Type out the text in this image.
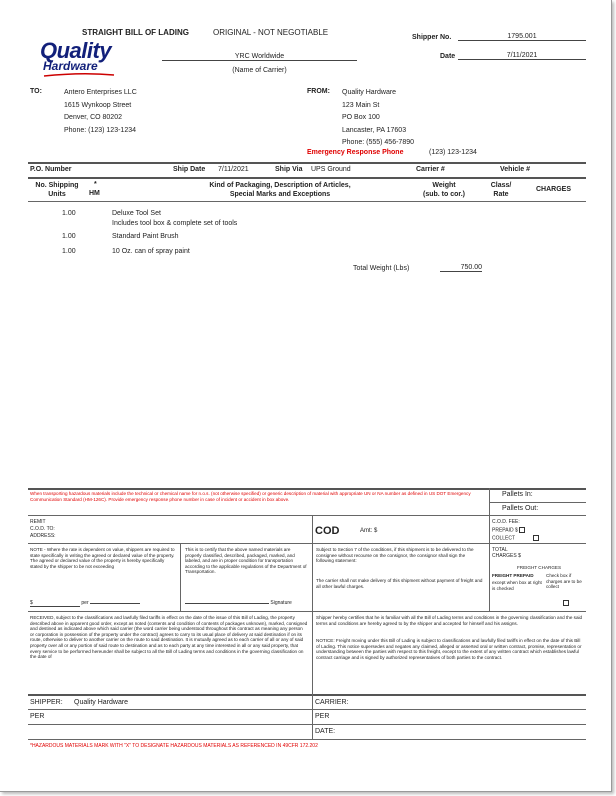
STRAIGHT BILL OF LADING	ORIGINAL - NOT NEGOTIABLE
Shipper No.	1795.001
Date	7/11/2021
Quality
Hardware
YRC Worldwide
(Name of Carrier)
TO:	Antero Enterprises LLC
1615 Wynkoop Street
Denver, CO 80202
Phone: (123) 123-1234
FROM: Quality Hardware
123 Main St
PO Box 100
Lancaster, PA 17603
Phone: (555) 456-7890
Emergency Response Phone	(123) 123-1234
P.O. Number	Ship Date 7/11/2021	Ship Via UPS Ground	Carrier #	Vehicle #
No. Shipping
Units
*
HM
Kind of Packaging, Description of Articles,
Special Marks and Exceptions
Weight
(sub. to cor.)
Class/
Rate
CHARGES
1.00	Deluxe Tool Set
Includes tool box & complete set of tools
1.00	Standard Paint Brush
1.00	10 Oz. can of spray paint
Total Weight (Lbs)	750.00
When transporting hazardous materials include the technical or chemical name for n.o.s. (not otherwise specified) or generic description of material with appropriate UN or NA number as defined in US DOT Emergency Communication Standard (HM-126C). Provide emergency response phone number in case of incident or accident in box above.
Pallets In:
Pallets Out:
REMIT
C.O.D. TO:
ADDRESS:	COD	Amt: $
C.O.D. FEE:
PREPAID $
COLLECT
NOTE - Where the rate is dependent on value, shippers are required to state specifically in writing the agreed or declared value of the property. The agreed or declared value of the property is hereby specifically stated by the shipper to be not exceeding
$	per
This is to certify that the above named materials are properly classified, described, packaged, marked, and labeled, and are in proper condition for transportation according to the applicable regulations of the Department of Transportation.
Signature
Subject to Section 7 of the conditions, if this shipment is to be delivered to the consignee without recourse on the consignor, the consignor shall sign the following statement:
The carrier shall not make delivery of this shipment without payment of freight and all other lawful charges.
TOTAL
CHARGES $
FREIGHT CHARGES
FREIGHT PREPAID
except when box at right is checked
Check box if charges are to be collect
RECEIVED, subject to the classifications and lawfully filed tariffs in effect on the date of the issue of this Bill of Lading, the property described above in apparent good order, except as noted (contents and condition of contents of packages unknown), marked, consigned and destined as indicated above which said carrier (the word carrier being understood throughout this contract as meaning any person or corporation in possession of the property under the contract) agrees to carry to its usual place of delivery at said destination if on its route, otherwise to deliver to another carrier on the route to said destination. It is mutually agreed as to each carrier of all or any of said property over all or any portion of said route to destination and as to each party at any time interested in all or any said property, that every service to be performed hereunder shall be subject to all the Bill of Lading terms and conditions in the governing classification on the date of
Shipper hereby certifies that he is familiar with all the Bill of Lading terms and conditions in the governing classification and the said terms and conditions are hereby agreed to by the shipper and accepted for himself and his assigns.
NOTICE: Freight moving under this Bill of Lading is subject to classifications and lawfully filed tariffs in effect on the date of this Bill of Lading. This notice supersedes and negates any claimed, alleged or asserted oral or written contract, promise, representation or understanding between the parties with respect to this freight, except to the extent of any written contract which establishes lawful contract carriage and is signed by authorized representatives of both parties to the contract.
SHIPPER: Quality Hardware	CARRIER:
PER	PER
DATE:
*HAZARDOUS MATERIALS MARK WITH "X" TO DESIGNATE HAZARDOUS MATERIALS AS REFERENCED IN 49CFR 172.202
